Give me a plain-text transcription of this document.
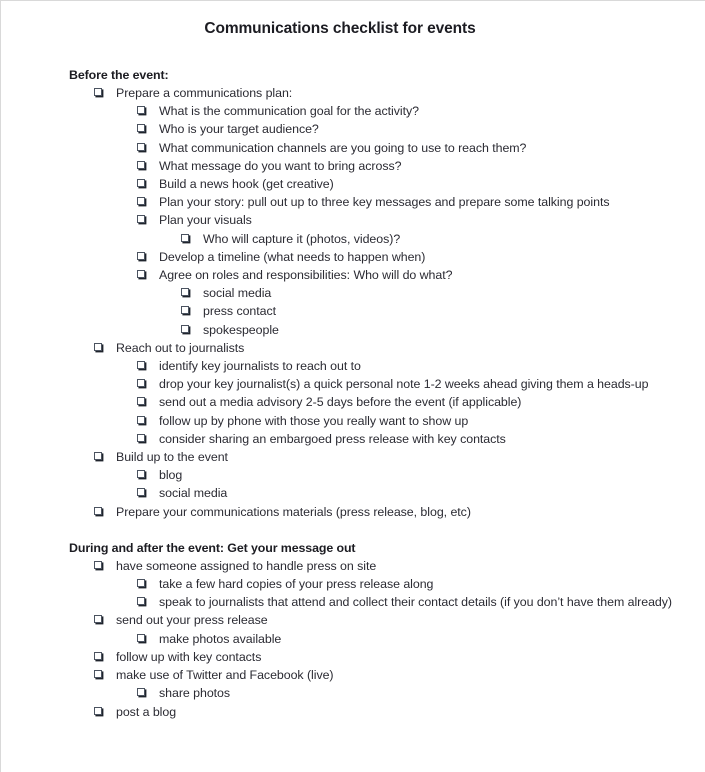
Communications checklist for events
Before the event:
Prepare a communications plan:
What is the communication goal for the activity?
Who is your target audience?
What communication channels are you going to use to reach them?
What message do you want to bring across?
Build a news hook (get creative)
Plan your story: pull out up to three key messages and prepare some talking points
Plan your visuals
Who will capture it (photos, videos)?
Develop a timeline (what needs to happen when)
Agree on roles and responsibilities: Who will do what?
social media
press contact
spokespeople
Reach out to journalists
identify key journalists to reach out to
drop your key journalist(s) a quick personal note 1-2 weeks ahead giving them a heads-up
send out a media advisory 2-5 days before the event (if applicable)
follow up by phone with those you really want to show up
consider sharing an embargoed press release with key contacts
Build up to the event
blog
social media
Prepare your communications materials (press release, blog, etc)
During and after the event: Get your message out
have someone assigned to handle press on site
take a few hard copies of your press release along
speak to journalists that attend and collect their contact details (if you don’t have them already)
send out your press release
make photos available
follow up with key contacts
make use of Twitter and Facebook (live)
share photos
post a blog
